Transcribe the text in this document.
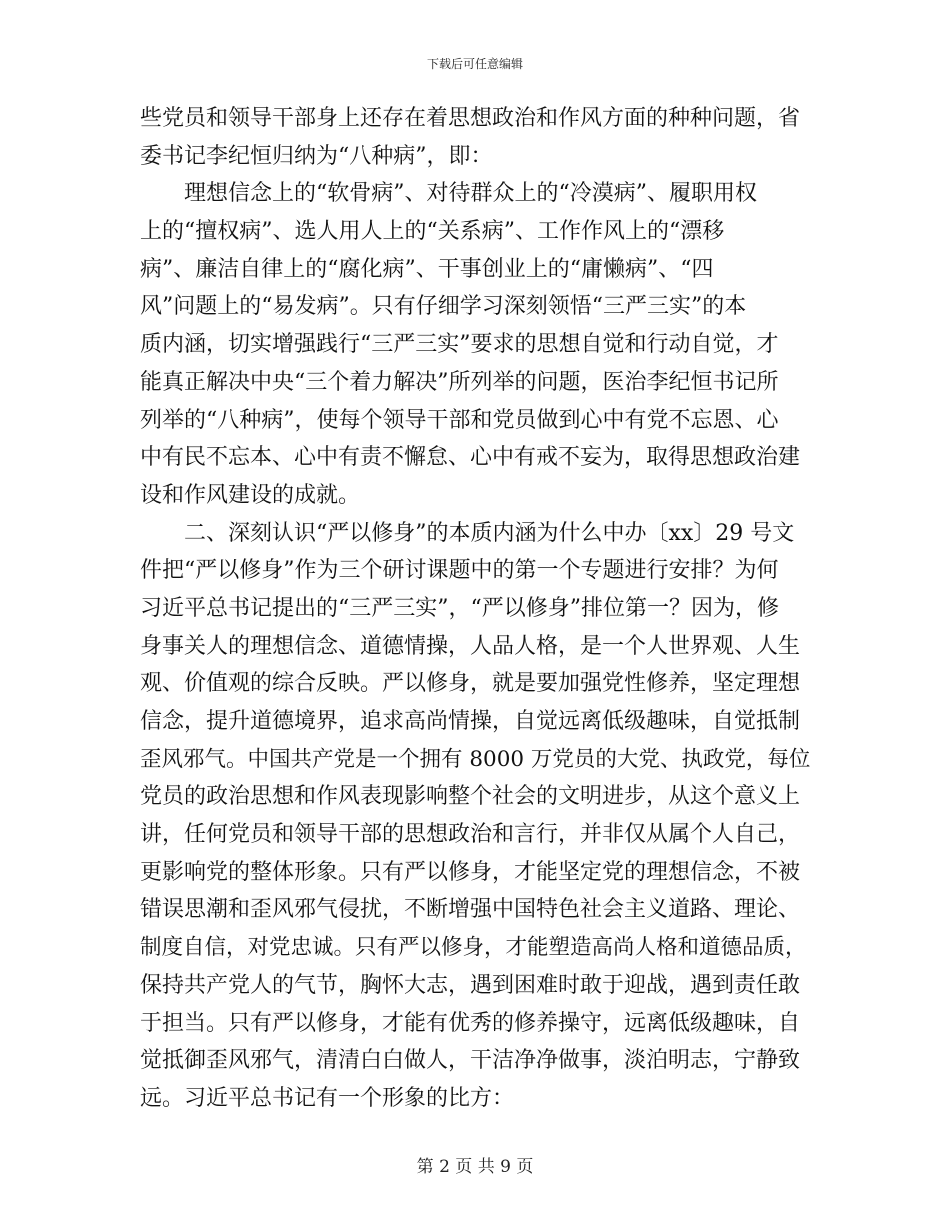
下载后可任意编辑
些党员和领导干部身上还存在着思想政治和作风方面的种种问题，省
委书记李纪恒归纳为“八种病”，即：
　　理想信念上的“软骨病”、对待群众上的“冷漠病”、履职用权
上的“擅权病”、选人用人上的“关系病”、工作作风上的“漂移
病”、廉洁自律上的“腐化病”、干事创业上的“庸懒病”、“四
风”问题上的“易发病”。只有仔细学习深刻领悟“三严三实”的本
质内涵，切实增强践行“三严三实”要求的思想自觉和行动自觉，才
能真正解决中央“三个着力解决”所列举的问题，医治李纪恒书记所
列举的“八种病”，使每个领导干部和党员做到心中有党不忘恩、心
中有民不忘本、心中有责不懈怠、心中有戒不妄为，取得思想政治建
设和作风建设的成就。
　　二、深刻认识“严以修身”的本质内涵为什么中办〔xx〕29 号文
件把“严以修身”作为三个研讨课题中的第一个专题进行安排？为何
习近平总书记提出的“三严三实”，“严以修身”排位第一？因为，修
身事关人的理想信念、道德情操，人品人格，是一个人世界观、人生
观、价值观的综合反映。严以修身，就是要加强党性修养，坚定理想
信念，提升道德境界，追求高尚情操，自觉远离低级趣味，自觉抵制
歪风邪气。中国共产党是一个拥有 8000 万党员的大党、执政党，每位
党员的政治思想和作风表现影响整个社会的文明进步，从这个意义上
讲，任何党员和领导干部的思想政治和言行，并非仅从属个人自己，
更影响党的整体形象。只有严以修身，才能坚定党的理想信念，不被
错误思潮和歪风邪气侵扰，不断增强中国特色社会主义道路、理论、
制度自信，对党忠诚。只有严以修身，才能塑造高尚人格和道德品质，
保持共产党人的气节，胸怀大志，遇到困难时敢于迎战，遇到责任敢
于担当。只有严以修身，才能有优秀的修养操守，远离低级趣味，自
觉抵御歪风邪气，清清白白做人，干洁净净做事，淡泊明志，宁静致
远。习近平总书记有一个形象的比方：
第 2 页 共 9 页
